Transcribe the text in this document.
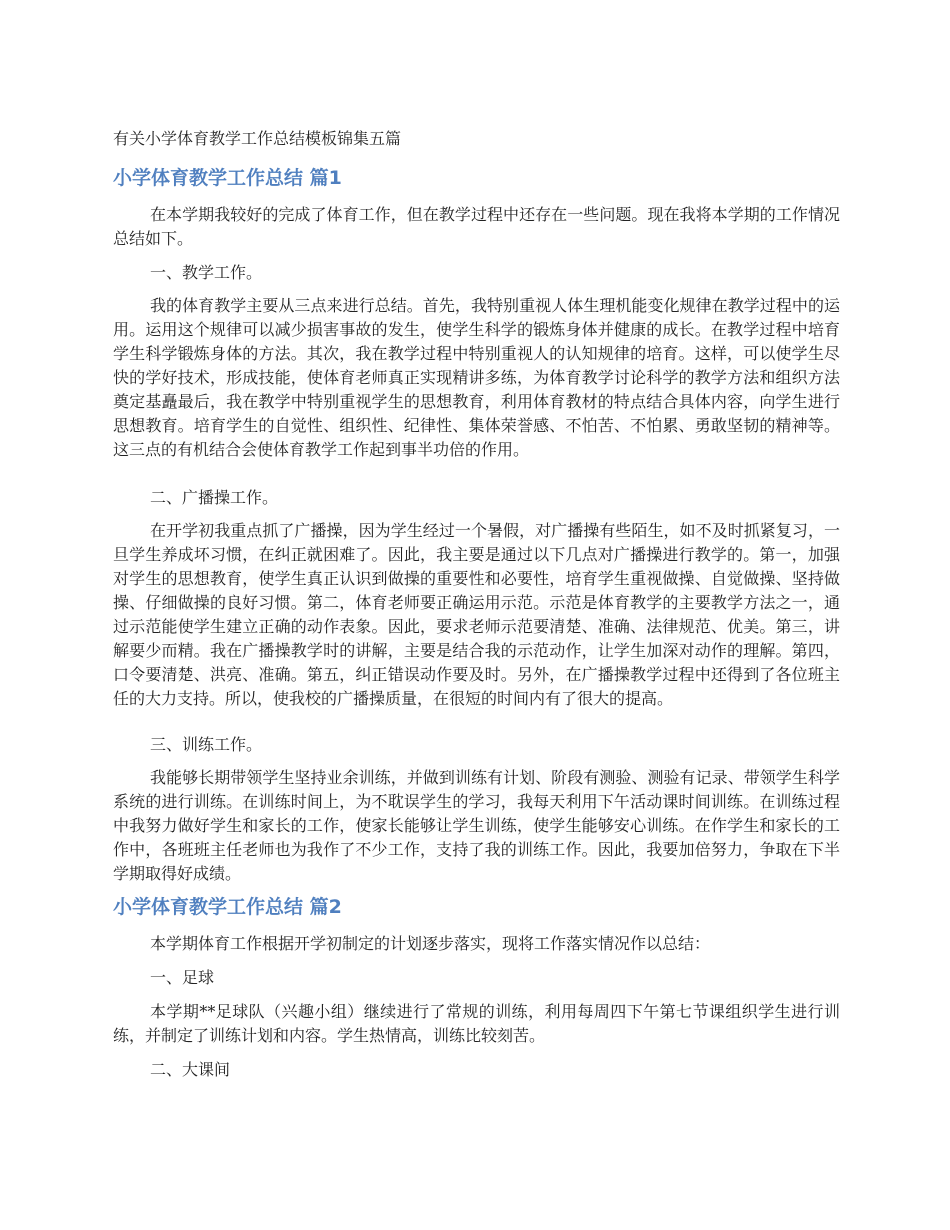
有关小学体育教学工作总结模板锦集五篇
小学体育教学工作总结 篇1

在本学期我较好的完成了体育工作，但在教学过程中还存在一些问题。现在我将本学期的工作情况总结如下。

一、教学工作。

我的体育教学主要从三点来进行总结。首先，我特别重视人体生理机能变化规律在教学过程中的运用。运用这个规律可以减少损害事故的发生，使学生科学的锻炼身体并健康的成长。在教学过程中培育学生科学锻炼身体的方法。其次，我在教学过程中特别重视人的认知规律的培育。这样，可以使学生尽快的学好技术，形成技能，使体育老师真正实现精讲多练，为体育教学讨论科学的教学方法和组织方法奠定基矗最后，我在教学中特别重视学生的思想教育，利用体育教材的特点结合具体内容，向学生进行思想教育。培育学生的自觉性、组织性、纪律性、集体荣誉感、不怕苦、不怕累、勇敢坚韧的精神等。这三点的有机结合会使体育教学工作起到事半功倍的作用。

二、广播操工作。

在开学初我重点抓了广播操，因为学生经过一个暑假，对广播操有些陌生，如不及时抓紧复习，一旦学生养成坏习惯，在纠正就困难了。因此，我主要是通过以下几点对广播操进行教学的。第一，加强对学生的思想教育，使学生真正认识到做操的重要性和必要性，培育学生重视做操、自觉做操、坚持做操、仔细做操的良好习惯。第二，体育老师要正确运用示范。示范是体育教学的主要教学方法之一，通过示范能使学生建立正确的动作表象。因此，要求老师示范要清楚、准确、法律规范、优美。第三，讲解要少而精。我在广播操教学时的讲解，主要是结合我的示范动作，让学生加深对动作的理解。第四，口令要清楚、洪亮、准确。第五，纠正错误动作要及时。另外，在广播操教学过程中还得到了各位班主任的大力支持。所以，使我校的广播操质量，在很短的时间内有了很大的提高。

三、训练工作。

我能够长期带领学生坚持业余训练，并做到训练有计划、阶段有测验、测验有记录、带领学生科学系统的进行训练。在训练时间上，为不耽误学生的学习，我每天利用下午活动课时间训练。在训练过程中我努力做好学生和家长的工作，使家长能够让学生训练，使学生能够安心训练。在作学生和家长的工作中，各班班主任老师也为我作了不少工作，支持了我的训练工作。因此，我要加倍努力，争取在下半学期取得好成绩。

小学体育教学工作总结 篇2

本学期体育工作根据开学初制定的计划逐步落实，现将工作落实情况作以总结：

一、足球

本学期**足球队（兴趣小组）继续进行了常规的训练，利用每周四下午第七节课组织学生进行训练，并制定了训练计划和内容。学生热情高，训练比较刻苦。

二、大课间
